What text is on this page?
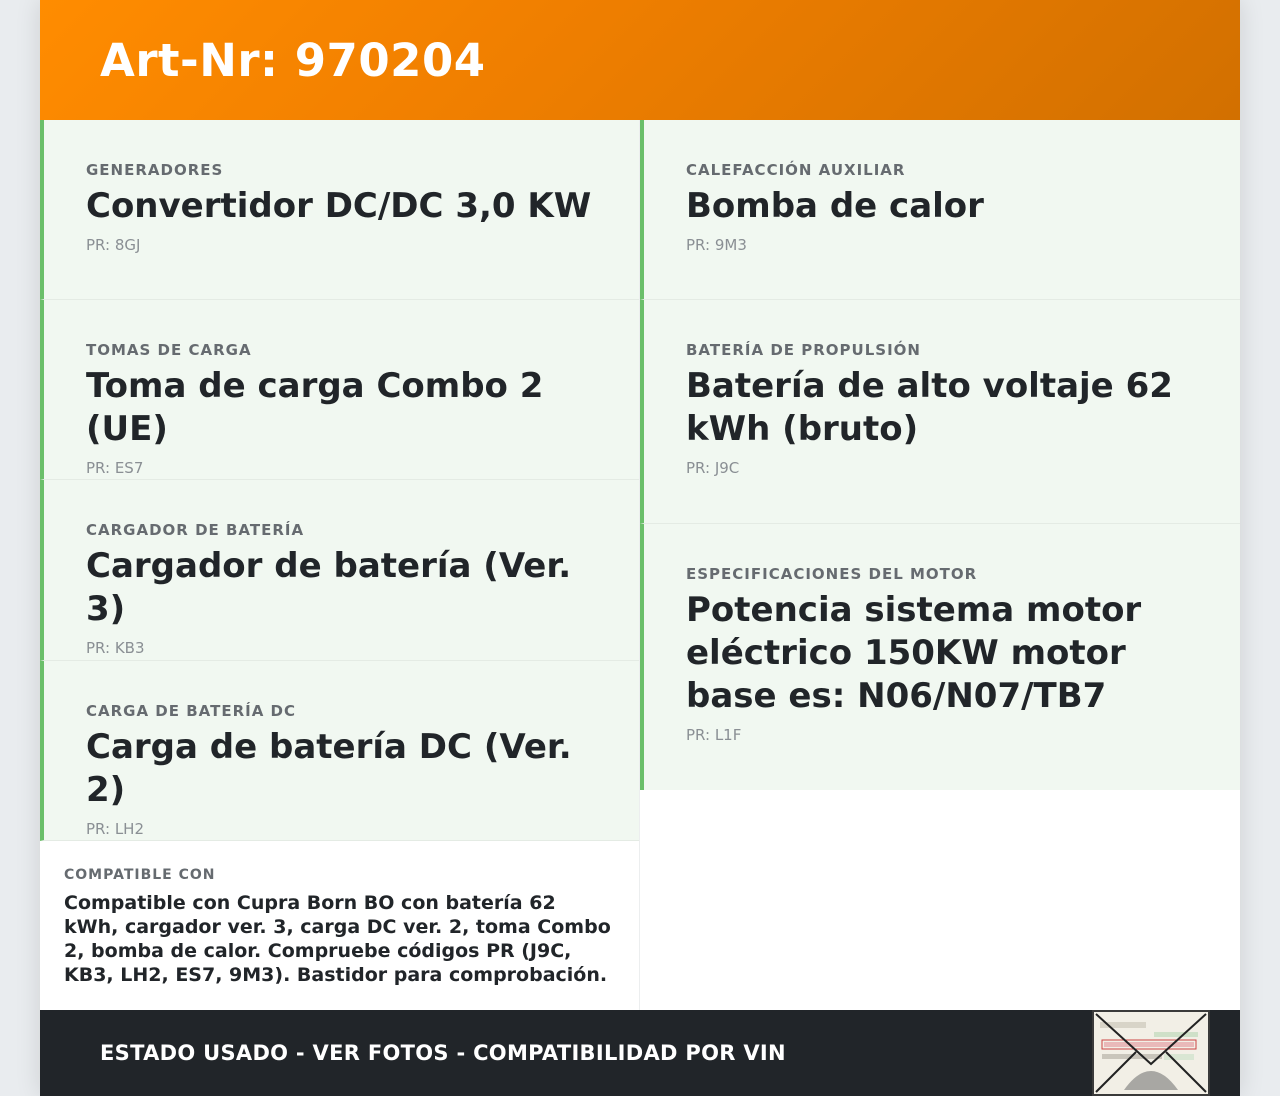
Art-Nr: 970204
GENERADORES
Convertidor DC/DC 3,0 KW
PR: 8GJ
TOMAS DE CARGA
Toma de carga Combo 2 (UE)
PR: ES7
CARGADOR DE BATERÍA
Cargador de batería (Ver. 3)
PR: KB3
CARGA DE BATERÍA DC
Carga de batería DC (Ver. 2)
PR: LH2
COMPATIBLE CON
Compatible con Cupra Born BO con batería 62 kWh, cargador ver. 3, carga DC ver. 2, toma Combo 2, bomba de calor. Compruebe códigos PR (J9C, KB3, LH2, ES7, 9M3). Bastidor para comprobación.
CALEFACCIÓN AUXILIAR
Bomba de calor
PR: 9M3
BATERÍA DE PROPULSIÓN
Batería de alto voltaje 62 kWh (bruto)
PR: J9C
ESPECIFICACIONES DEL MOTOR
Potencia sistema motor eléctrico 150KW motor base es: N06/N07/TB7
PR: L1F
ESTADO USADO - VER FOTOS - COMPATIBILIDAD POR VIN
